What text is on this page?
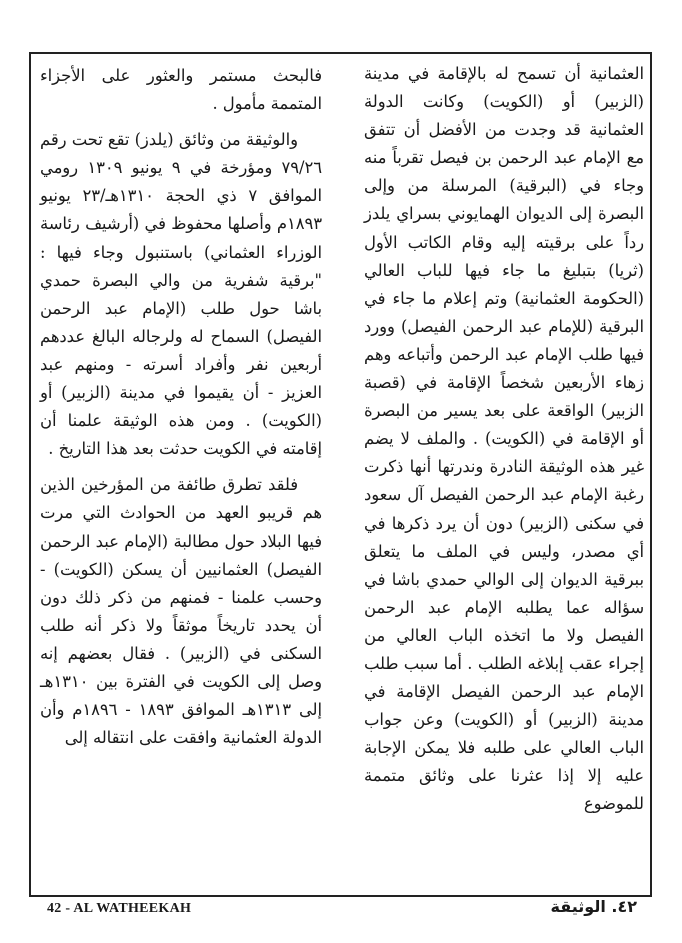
العثمانية أن تسمح له بالإقامة في مدينة (الزبير) أو (الكويت) وكانت الدولة العثمانية قد وجدت من الأفضل أن تتفق مع الإمام عبد الرحمن بن فيصل تقرباً منه وجاء في (البرقية) المرسلة من وإلى البصرة إلى الديوان الهمايوني بسراي يلدز رداً على برقيته إليه وقام الكاتب الأول (ثريا) بتبليغ ما جاء فيها للباب العالي (الحكومة العثمانية) وتم إعلام ما جاء في البرقية (للإمام عبد الرحمن الفيصل) وورد فيها طلب الإمام عبد الرحمن وأتباعه وهم زهاء الأربعين شخصاً الإقامة في (قصبة الزبير) الواقعة على بعد يسير من البصرة أو الإقامة في (الكويت) . والملف لا يضم غير هذه الوثيقة النادرة وندرتها أنها ذكرت رغبة الإمام عبد الرحمن الفيصل آل سعود في سكنى (الزبير) دون أن يرد ذكرها في أي مصدر، وليس في الملف ما يتعلق ببرقية الديوان إلى الوالي حمدي باشا في سؤاله عما يطلبه الإمام عبد الرحمن الفيصل ولا ما اتخذه الباب العالي من إجراء عقب إبلاغه الطلب . أما سبب طلب الإمام عبد الرحمن الفيصل الإقامة في مدينة (الزبير) أو (الكويت) وعن جواب الباب العالي على طلبه فلا يمكن الإجابة عليه إلا إذا عثرنا على وثائق متممة للموضوع

فالبحث مستمر والعثور على الأجزاء المتممة مأمول .

والوثيقة من وثائق (يلدز) تقع تحت رقم ٧٩/٢٦ ومؤرخة في ٩ يونيو ١٣٠٩ رومي الموافق ٧ ذي الحجة ١٣١٠هـ/٢٣ يونيو ١٨٩٣م وأصلها محفوظ في (أرشيف رئاسة الوزراء العثماني) باستنبول وجاء فيها : "برقية شفرية من والي البصرة حمدي باشا حول طلب (الإمام عبد الرحمن الفيصل) السماح له ولرجاله البالغ عددهم أربعين نفر وأفراد أسرته - ومنهم عبد العزيز - أن يقيموا في مدينة (الزبير) أو (الكويت) . ومن هذه الوثيقة علمنا أن إقامته في الكويت حدثت بعد هذا التاريخ .

فلقد تطرق طائفة من المؤرخين الذين هم قريبو العهد من الحوادث التي مرت فيها البلاد حول مطالبة (الإمام عبد الرحمن الفيصل) العثمانيين أن يسكن (الكويت) - وحسب علمنا - فمنهم من ذكر ذلك دون أن يحدد تاريخاً موثقاً ولا ذكر أنه طلب السكنى في (الزبير) . فقال بعضهم إنه وصل إلى الكويت في الفترة بين ١٣١٠هـ إلى ١٣١٣هـ الموافق ١٨٩٣ - ١٨٩٦م وأن الدولة العثمانية وافقت على انتقاله إلى

42 - AL WATHEEKAH	٤٢. الوثيقة
